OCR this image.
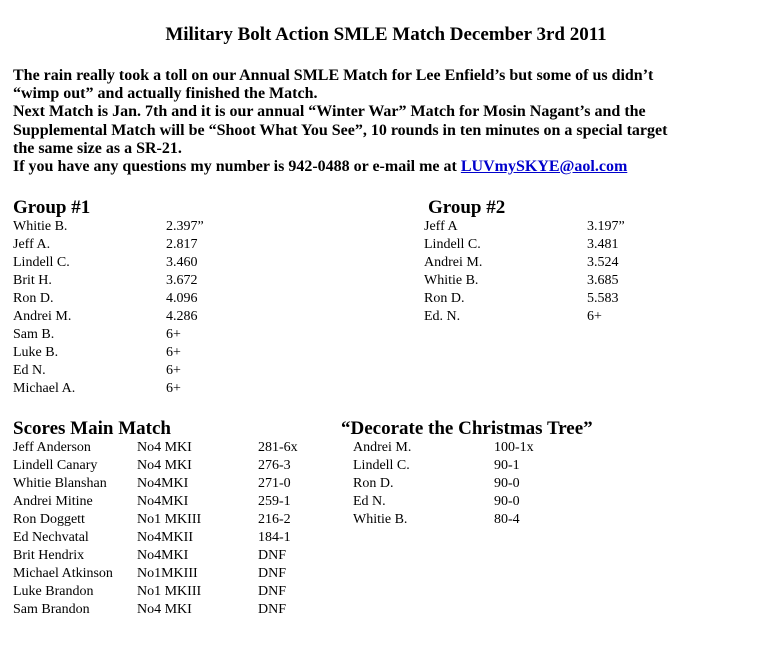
Military Bolt Action SMLE Match December 3rd 2011
The rain really took a toll on our Annual SMLE Match for Lee Enfield’s but some of us didn’t
“wimp out” and actually finished the Match.
Next Match is Jan. 7th and it is our annual “Winter War” Match for Mosin Nagant’s and the
Supplemental Match will be “Shoot What You See”, 10 rounds in ten minutes on a special target
the same size as a SR-21.
If you have any questions my number is 942-0488 or e-mail me at LUVmySKYE@aol.com
Group #1
Whitie B.	2.397”
Jeff A.	2.817
Lindell C.	3.460
Brit H.	3.672
Ron D.	4.096
Andrei M.	4.286
Sam B.	6+
Luke B.	6+
Ed N.	6+
Michael A.	6+
Group #2
Jeff A	3.197”
Lindell C.	3.481
Andrei M.	3.524
Whitie B.	3.685
Ron D.	5.583
Ed. N.	6+
Scores Main Match
Jeff Anderson	No4 MKI	281-6x
Lindell Canary	No4 MKI	276-3
Whitie Blanshan No4MKI	271-0
Andrei Mitine	No4MKI	259-1
Ron Doggett	No1 MKIII	216-2
Ed Nechvatal	No4MKII	184-1
Brit Hendrix	No4MKI	DNF
Michael Atkinson No1MKIII	DNF
Luke Brandon	No1 MKIII	DNF
Sam Brandon	No4 MKI	DNF
“Decorate the Christmas Tree”
Andrei M.	100-1x
Lindell C.	90-1
Ron D.	90-0
Ed N.	90-0
Whitie B.	80-4
